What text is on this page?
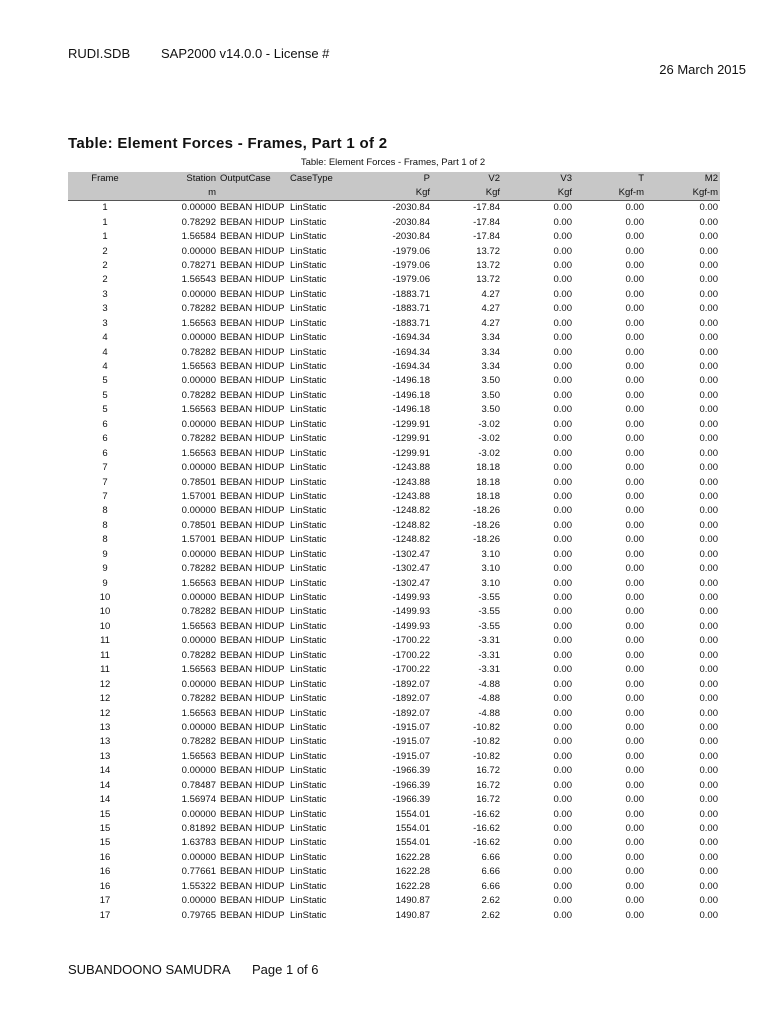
RUDI.SDB SAP2000 v14.0.0 - License #
26 March 2015
Table: Element Forces - Frames, Part 1 of 2
Table: Element Forces - Frames, Part 1 of 2
Frame	Station	OutputCase	CaseType	P	V2	V3	T	M2
	m			Kgf	Kgf	Kgf	Kgf-m	Kgf-m
1	0.00000	BEBAN HIDUP	LinStatic	-2030.84	-17.84	0.00	0.00	0.00
1	0.78292	BEBAN HIDUP	LinStatic	-2030.84	-17.84	0.00	0.00	0.00
1	1.56584	BEBAN HIDUP	LinStatic	-2030.84	-17.84	0.00	0.00	0.00
2	0.00000	BEBAN HIDUP	LinStatic	-1979.06	13.72	0.00	0.00	0.00
2	0.78271	BEBAN HIDUP	LinStatic	-1979.06	13.72	0.00	0.00	0.00
2	1.56543	BEBAN HIDUP	LinStatic	-1979.06	13.72	0.00	0.00	0.00
3	0.00000	BEBAN HIDUP	LinStatic	-1883.71	4.27	0.00	0.00	0.00
3	0.78282	BEBAN HIDUP	LinStatic	-1883.71	4.27	0.00	0.00	0.00
3	1.56563	BEBAN HIDUP	LinStatic	-1883.71	4.27	0.00	0.00	0.00
4	0.00000	BEBAN HIDUP	LinStatic	-1694.34	3.34	0.00	0.00	0.00
4	0.78282	BEBAN HIDUP	LinStatic	-1694.34	3.34	0.00	0.00	0.00
4	1.56563	BEBAN HIDUP	LinStatic	-1694.34	3.34	0.00	0.00	0.00
5	0.00000	BEBAN HIDUP	LinStatic	-1496.18	3.50	0.00	0.00	0.00
5	0.78282	BEBAN HIDUP	LinStatic	-1496.18	3.50	0.00	0.00	0.00
5	1.56563	BEBAN HIDUP	LinStatic	-1496.18	3.50	0.00	0.00	0.00
6	0.00000	BEBAN HIDUP	LinStatic	-1299.91	-3.02	0.00	0.00	0.00
6	0.78282	BEBAN HIDUP	LinStatic	-1299.91	-3.02	0.00	0.00	0.00
6	1.56563	BEBAN HIDUP	LinStatic	-1299.91	-3.02	0.00	0.00	0.00
7	0.00000	BEBAN HIDUP	LinStatic	-1243.88	18.18	0.00	0.00	0.00
7	0.78501	BEBAN HIDUP	LinStatic	-1243.88	18.18	0.00	0.00	0.00
7	1.57001	BEBAN HIDUP	LinStatic	-1243.88	18.18	0.00	0.00	0.00
8	0.00000	BEBAN HIDUP	LinStatic	-1248.82	-18.26	0.00	0.00	0.00
8	0.78501	BEBAN HIDUP	LinStatic	-1248.82	-18.26	0.00	0.00	0.00
8	1.57001	BEBAN HIDUP	LinStatic	-1248.82	-18.26	0.00	0.00	0.00
9	0.00000	BEBAN HIDUP	LinStatic	-1302.47	3.10	0.00	0.00	0.00
9	0.78282	BEBAN HIDUP	LinStatic	-1302.47	3.10	0.00	0.00	0.00
9	1.56563	BEBAN HIDUP	LinStatic	-1302.47	3.10	0.00	0.00	0.00
10	0.00000	BEBAN HIDUP	LinStatic	-1499.93	-3.55	0.00	0.00	0.00
10	0.78282	BEBAN HIDUP	LinStatic	-1499.93	-3.55	0.00	0.00	0.00
10	1.56563	BEBAN HIDUP	LinStatic	-1499.93	-3.55	0.00	0.00	0.00
11	0.00000	BEBAN HIDUP	LinStatic	-1700.22	-3.31	0.00	0.00	0.00
11	0.78282	BEBAN HIDUP	LinStatic	-1700.22	-3.31	0.00	0.00	0.00
11	1.56563	BEBAN HIDUP	LinStatic	-1700.22	-3.31	0.00	0.00	0.00
12	0.00000	BEBAN HIDUP	LinStatic	-1892.07	-4.88	0.00	0.00	0.00
12	0.78282	BEBAN HIDUP	LinStatic	-1892.07	-4.88	0.00	0.00	0.00
12	1.56563	BEBAN HIDUP	LinStatic	-1892.07	-4.88	0.00	0.00	0.00
13	0.00000	BEBAN HIDUP	LinStatic	-1915.07	-10.82	0.00	0.00	0.00
13	0.78282	BEBAN HIDUP	LinStatic	-1915.07	-10.82	0.00	0.00	0.00
13	1.56563	BEBAN HIDUP	LinStatic	-1915.07	-10.82	0.00	0.00	0.00
14	0.00000	BEBAN HIDUP	LinStatic	-1966.39	16.72	0.00	0.00	0.00
14	0.78487	BEBAN HIDUP	LinStatic	-1966.39	16.72	0.00	0.00	0.00
14	1.56974	BEBAN HIDUP	LinStatic	-1966.39	16.72	0.00	0.00	0.00
15	0.00000	BEBAN HIDUP	LinStatic	1554.01	-16.62	0.00	0.00	0.00
15	0.81892	BEBAN HIDUP	LinStatic	1554.01	-16.62	0.00	0.00	0.00
15	1.63783	BEBAN HIDUP	LinStatic	1554.01	-16.62	0.00	0.00	0.00
16	0.00000	BEBAN HIDUP	LinStatic	1622.28	6.66	0.00	0.00	0.00
16	0.77661	BEBAN HIDUP	LinStatic	1622.28	6.66	0.00	0.00	0.00
16	1.55322	BEBAN HIDUP	LinStatic	1622.28	6.66	0.00	0.00	0.00
17	0.00000	BEBAN HIDUP	LinStatic	1490.87	2.62	0.00	0.00	0.00
17	0.79765	BEBAN HIDUP	LinStatic	1490.87	2.62	0.00	0.00	0.00
SUBANDOONO SAMUDRA Page 1 of 6
